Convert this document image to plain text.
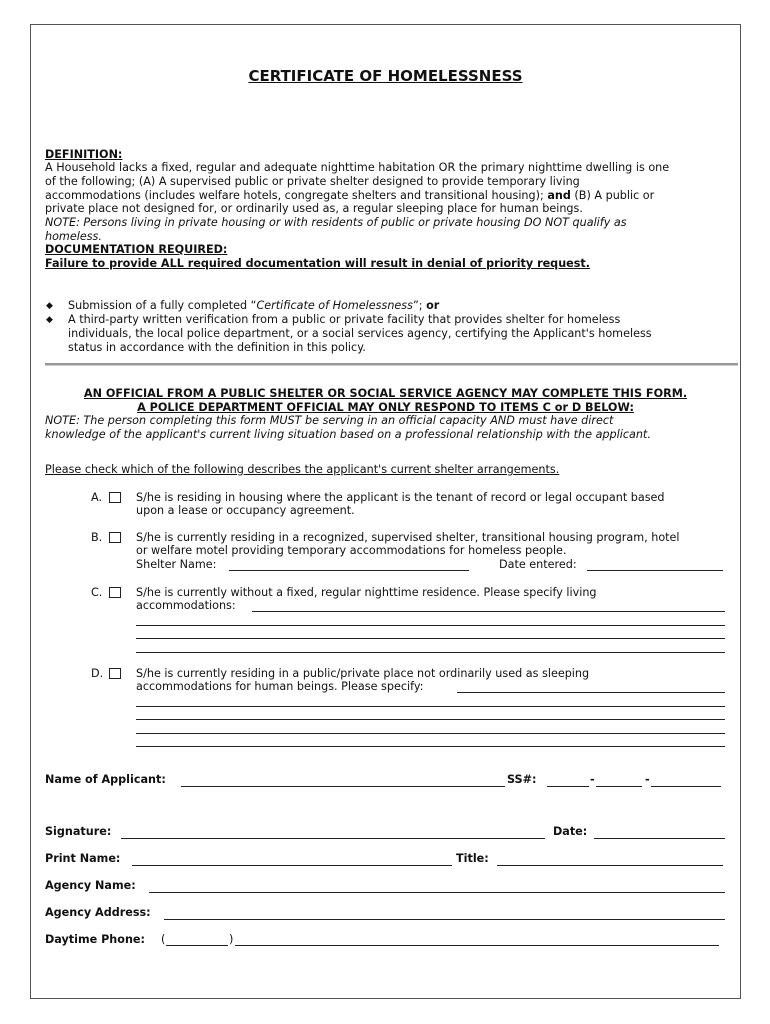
CERTIFICATE OF HOMELESSNESS
DEFINITION:
A Household lacks a fixed, regular and adequate nighttime habitation OR the primary nighttime dwelling is one
of the following; (A) A supervised public or private shelter designed to provide temporary living
accommodations (includes welfare hotels, congregate shelters and transitional housing); and (B) A public or
private place not designed for, or ordinarily used as, a regular sleeping place for human beings.
NOTE: Persons living in private housing or with residents of public or private housing DO NOT qualify as
homeless.
DOCUMENTATION REQUIRED:
Failure to provide ALL required documentation will result in denial of priority request.
◆ Submission of a fully completed “Certificate of Homelessness”; or
◆ A third-party written verification from a public or private facility that provides shelter for homeless
individuals, the local police department, or a social services agency, certifying the Applicant's homeless
status in accordance with the definition in this policy.
AN OFFICIAL FROM A PUBLIC SHELTER OR SOCIAL SERVICE AGENCY MAY COMPLETE THIS FORM.
A POLICE DEPARTMENT OFFICIAL MAY ONLY RESPOND TO ITEMS C or D BELOW:
NOTE: The person completing this form MUST be serving in an official capacity AND must have direct
knowledge of the applicant's current living situation based on a professional relationship with the applicant.
Please check which of the following describes the applicant's current shelter arrangements.
A.	S/he is residing in housing where the applicant is the tenant of record or legal occupant based
upon a lease or occupancy agreement.
B.	S/he is currently residing in a recognized, supervised shelter, transitional housing program, hotel
or welfare motel providing temporary accommodations for homeless people.
Shelter Name:	Date entered:
C.	S/he is currently without a fixed, regular nighttime residence. Please specify living
accommodations:
D.	S/he is currently residing in a public/private place not ordinarily used as sleeping
accommodations for human beings. Please specify:
Name of Applicant:	SS#:	-	-
Signature:	Date:
Print Name:	Title:
Agency Name:
Agency Address:
Daytime Phone: (	)
